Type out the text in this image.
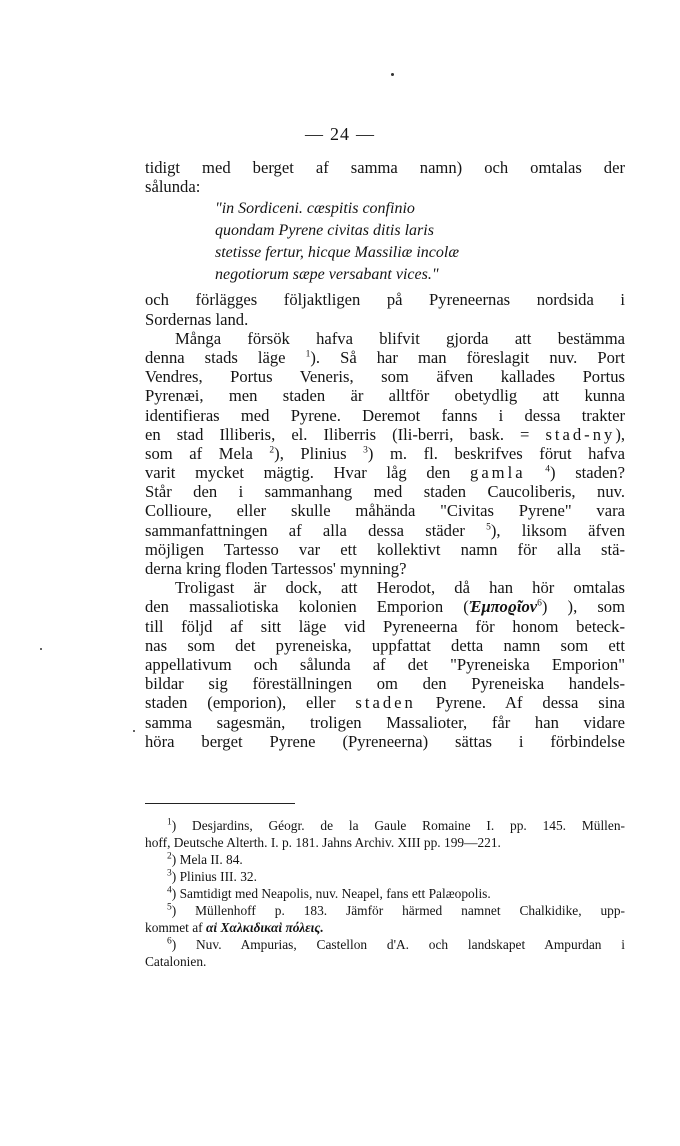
— 24 —
tidigt med berget af samma namn) och omtalas der
sålunda:
"in Sordiceni. cæspitis confinio
quondam Pyrene civitas ditis laris
stetisse fertur, hicque Massiliæ incolæ
negotiorum sæpe versabant vices."
och förlägges följaktligen på Pyreneernas nordsida i
Sordernas land.
Många försök hafva blifvit gjorda att bestämma
denna stads läge $^1$). Så har man föreslagit nuv. Port
Vendres, Portus Veneris, som äfven kallades Portus
Pyrenæi, men staden är alltför obetydlig att kunna
identifieras med Pyrene. Deremot fanns i dessa trakter
en stad Illiberis, el. Iliberris (Ili-berri, bask. = stad-ny),
som af Mela $^2$), Plinius $^3$) m. fl. beskrifves förut hafva
varit mycket mägtig. Hvar låg den gamla $^4$) staden?
Står den i sammanhang med staden Caucoliberis, nuv.
Collioure, eller skulle måhända "Civitas Pyrene" vara
sammanfattningen af alla dessa städer $^5$), liksom äfven
möjligen Tartesso var ett kollektivt namn för alla stä-
derna kring floden Tartessos' mynning?
Troligast är dock, att Herodot, då han hör omtalas
den massaliotiska kolonien Emporion (Ἐμποϱῖον$^6$) ), som
till följd af sitt läge vid Pyreneerna för honom beteck-
nas som det pyreneiska, uppfattat detta namn som ett
appellativum och sålunda af det "Pyreneiska Emporion"
bildar sig föreställningen om den Pyreneiska handels-
staden (emporion), eller staden Pyrene. Af dessa sina
samma sagesmän, troligen Massalioter, får han vidare
höra berget Pyrene (Pyreneerna) sättas i förbindelse
$^1$) Desjardins, Géogr. de la Gaule Romaine I. pp. 145. Müllen-
hoff, Deutsche Alterth. I. p. 181. Jahns Archiv. XIII pp. 199—221.
$^2$) Mela II. 84.
$^3$) Plinius III. 32.
$^4$) Samtidigt med Neapolis, nuv. Neapel, fans ett Palæopolis.
$^5$) Müllenhoff p. 183. Jämför härmed namnet Chalkidike, upp-
kommet af αἱ Χαλκιδικαὶ πόλεις.
$^6$) Nuv. Ampurias, Castellon d'A. och landskapet Ampurdan i
Catalonien.
